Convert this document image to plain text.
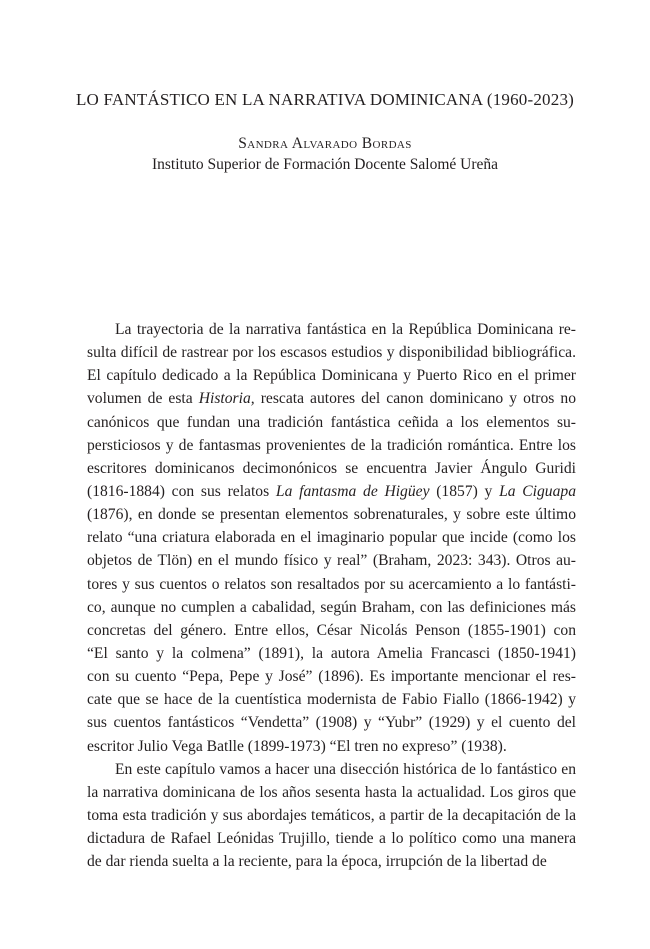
LO FANTÁSTICO EN LA NARRATIVA DOMINICANA (1960-2023)

Sandra Alvarado Bordas

Instituto Superior de Formación Docente Salomé Ureña

La trayectoria de la narrativa fantástica en la República Dominicana re-
sulta difícil de rastrear por los escasos estudios y disponibilidad bibliográfica.
El capítulo dedicado a la República Dominicana y Puerto Rico en el primer
volumen de esta Historia, rescata autores del canon dominicano y otros no
canónicos que fundan una tradición fantástica ceñida a los elementos su-
persticiosos y de fantasmas provenientes de la tradición romántica. Entre los
escritores dominicanos decimonónicos se encuentra Javier Ángulo Guridi
(1816-1884) con sus relatos La fantasma de Higüey (1857) y La Ciguapa
(1876), en donde se presentan elementos sobrenaturales, y sobre este último
relato “una criatura elaborada en el imaginario popular que incide (como los
objetos de Tlön) en el mundo físico y real” (Braham, 2023: 343). Otros au-
tores y sus cuentos o relatos son resaltados por su acercamiento a lo fantásti-
co, aunque no cumplen a cabalidad, según Braham, con las definiciones más
concretas del género. Entre ellos, César Nicolás Penson (1855-1901) con
“El santo y la colmena” (1891), la autora Amelia Francasci (1850-1941)
con su cuento “Pepa, Pepe y José” (1896). Es importante mencionar el res-
cate que se hace de la cuentística modernista de Fabio Fiallo (1866-1942) y
sus cuentos fantásticos “Vendetta” (1908) y “Yubr” (1929) y el cuento del
escritor Julio Vega Batlle (1899-1973) “El tren no expreso” (1938).
En este capítulo vamos a hacer una disección histórica de lo fantástico en
la narrativa dominicana de los años sesenta hasta la actualidad. Los giros que
toma esta tradición y sus abordajes temáticos, a partir de la decapitación de la
dictadura de Rafael Leónidas Trujillo, tiende a lo político como una manera
de dar rienda suelta a la reciente, para la época, irrupción de la libertad de
